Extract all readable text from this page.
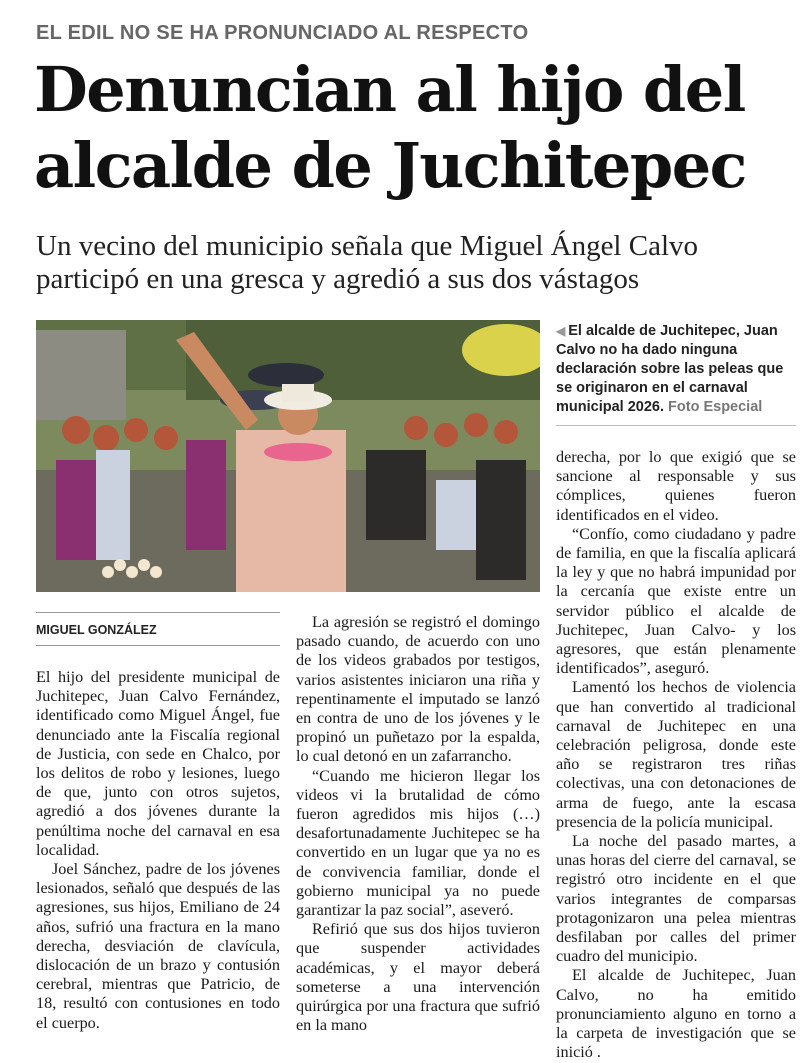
EL EDIL NO SE HA PRONUNCIADO AL RESPECTO
Denuncian al hijo del alcalde de Juchitepec

Un vecino del municipio señala que Miguel Ángel Calvo participó en una gresca y agredió a sus dos vástagos

◀ El alcalde de Juchitepec, Juan Calvo no ha dado ninguna declaración sobre las peleas que se originaron en el carnaval municipal 2026. Foto Especial
MIGUEL GONZÁLEZ

El hijo del presidente municipal de Juchitepec, Juan Calvo Fernández, identificado como Miguel Ángel, fue denunciado ante la Fiscalía regional de Justicia, con sede en Chalco, por los delitos de robo y lesiones, luego de que, junto con otros sujetos, agredió a dos jóvenes durante la penúltima noche del carnaval en esa localidad.

Joel Sánchez, padre de los jóvenes lesionados, señaló que después de las agresiones, sus hijos, Emiliano de 24 años, sufrió una fractura en la mano derecha, desviación de clavícula, dislocación de un brazo y contusión cerebral, mientras que Patricio, de 18, resultó con contusiones en todo el cuerpo.

La agresión se registró el domingo pasado cuando, de acuerdo con uno de los videos grabados por testigos, varios asistentes iniciaron una riña y repentinamente el imputado se lanzó en contra de uno de los jóvenes y le propinó un puñetazo por la espalda, lo cual detonó en un zafarrancho.

“Cuando me hicieron llegar los videos vi la brutalidad de cómo fueron agredidos mis hijos (…) desafortunadamente Juchitepec se ha convertido en un lugar que ya no es de convivencia familiar, donde el gobierno municipal ya no puede garantizar la paz social”, aseveró.

Refirió que sus dos hijos tuvieron que suspender actividades académicas, y el mayor deberá someterse a una intervención quirúrgica por una fractura que sufrió en la mano

derecha, por lo que exigió que se sancione al responsable y sus cómplices, quienes fueron identificados en el video.

“Confío, como ciudadano y padre de familia, en que la fiscalía aplicará la ley y que no habrá impunidad por la cercanía que existe entre un servidor público el alcalde de Juchitepec, Juan Calvo- y los agresores, que están plenamente identificados”, aseguró.

Lamentó los hechos de violencia que han convertido al tradicional carnaval de Juchitepec en una celebración peligrosa, donde este año se registraron tres riñas colectivas, una con detonaciones de arma de fuego, ante la escasa presencia de la policía municipal.

La noche del pasado martes, a unas horas del cierre del carnaval, se registró otro incidente en el que varios integrantes de comparsas protagonizaron una pelea mientras desfilaban por calles del primer cuadro del municipio.

El alcalde de Juchitepec, Juan Calvo, no ha emitido pronunciamiento alguno en torno a la carpeta de investigación que se inició .
